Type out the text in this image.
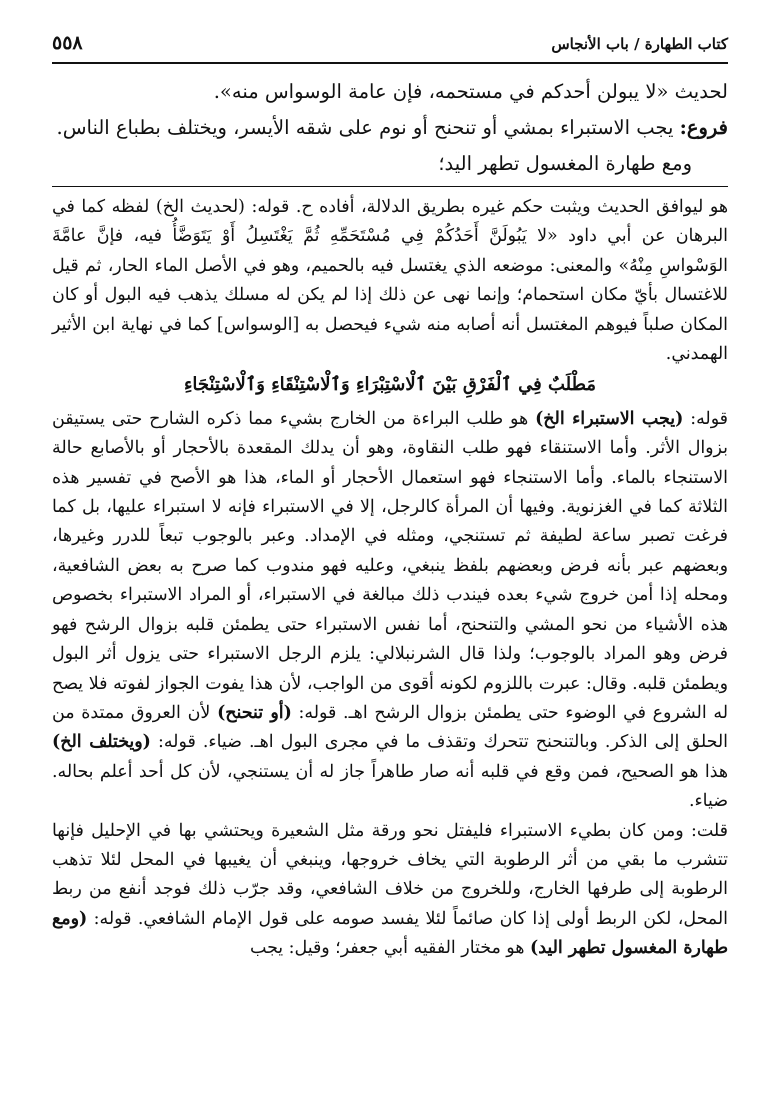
كتاب الطهارة / باب الأنجاس
٥٥٨

لحديث «لا يبولن أحدكم في مستحمه، فإن عامة الوسواس منه».

فروع: يجب الاستبراء بمشي أو تنحنح أو نوم على شقه الأيسر، ويختلف بطباع الناس.

ومع طهارة المغسول تطهر اليد؛

هو ليوافق الحديث ويثبت حكم غيره بطريق الدلالة، أفاده ح. قوله: (لحديث الخ) لفظه كما في البرهان عن أبي داود «لا يَبُولَنَّ أَحَدُكُمْ فِي مُسْتَحَمِّهِ ثُمَّ يَغْتَسِلُ أَوْ يَتَوَضَّأُ فيه، فإنَّ عامَّةَ الوَسْواسِ مِنْهُ» والمعنى: موضعه الذي يغتسل فيه بالحميم، وهو في الأصل الماء الحار، ثم قيل للاغتسال بأيّ مكان استحمام؛ وإنما نهى عن ذلك إذا لم يكن له مسلك يذهب فيه البول أو كان المكان صلباً فيوهم المغتسل أنه أصابه منه شيء فيحصل به [الوسواس] كما في نهاية ابن الأثير الهمدني.

مَطْلَبٌ فِي ٱلْفَرْقِ بَيْنَ ٱلْاسْتِبْرَاءِ وَٱلْاسْتِنْقَاءِ وَٱلْاسْتِنْجَاءِ

قوله: (يجب الاستبراء الخ) هو طلب البراءة من الخارج بشيء مما ذكره الشارح حتى يستيقن بزوال الأثر. وأما الاستنقاء فهو طلب النقاوة، وهو أن يدلك المقعدة بالأحجار أو بالأصابع حالة الاستنجاء بالماء. وأما الاستنجاء فهو استعمال الأحجار أو الماء، هذا هو الأصح في تفسير هذه الثلاثة كما في الغزنوية. وفيها أن المرأة كالرجل، إلا في الاستبراء فإنه لا استبراء عليها، بل كما فرغت تصبر ساعة لطيفة ثم تستنجي، ومثله في الإمداد. وعبر بالوجوب تبعاً للدرر وغيرها، وبعضهم عبر بأنه فرض وبعضهم بلفظ ينبغي، وعليه فهو مندوب كما صرح به بعض الشافعية، ومحله إذا أمن خروج شيء بعده فيندب ذلك مبالغة في الاستبراء، أو المراد الاستبراء بخصوص هذه الأشياء من نحو المشي والتنحنح، أما نفس الاستبراء حتى يطمئن قلبه بزوال الرشح فهو فرض وهو المراد بالوجوب؛ ولذا قال الشرنبلالي: يلزم الرجل الاستبراء حتى يزول أثر البول ويطمئن قلبه. وقال: عبرت باللزوم لكونه أقوى من الواجب، لأن هذا يفوت الجواز لفوته فلا يصح له الشروع في الوضوء حتى يطمئن بزوال الرشح اهـ. قوله: (أو تنحنح) لأن العروق ممتدة من الحلق إلى الذكر. وبالتنحنح تتحرك وتقذف ما في مجرى البول اهـ. ضياء. قوله: (ويختلف الخ) هذا هو الصحيح، فمن وقع في قلبه أنه صار طاهراً جاز له أن يستنجي، لأن كل أحد أعلم بحاله. ضياء.

قلت: ومن كان بطيء الاستبراء فليفتل نحو ورقة مثل الشعيرة ويحتشي بها في الإحليل فإنها تتشرب ما بقي من أثر الرطوبة التي يخاف خروجها، وينبغي أن يغيبها في المحل لئلا تذهب الرطوبة إلى طرفها الخارج، وللخروج من خلاف الشافعي، وقد جرّب ذلك فوجد أنفع من ربط المحل، لكن الربط أولى إذا كان صائماً لئلا يفسد صومه على قول الإمام الشافعي. قوله: (ومع طهارة المغسول تطهر اليد) هو مختار الفقيه أبي جعفر؛ وقيل: يجب
